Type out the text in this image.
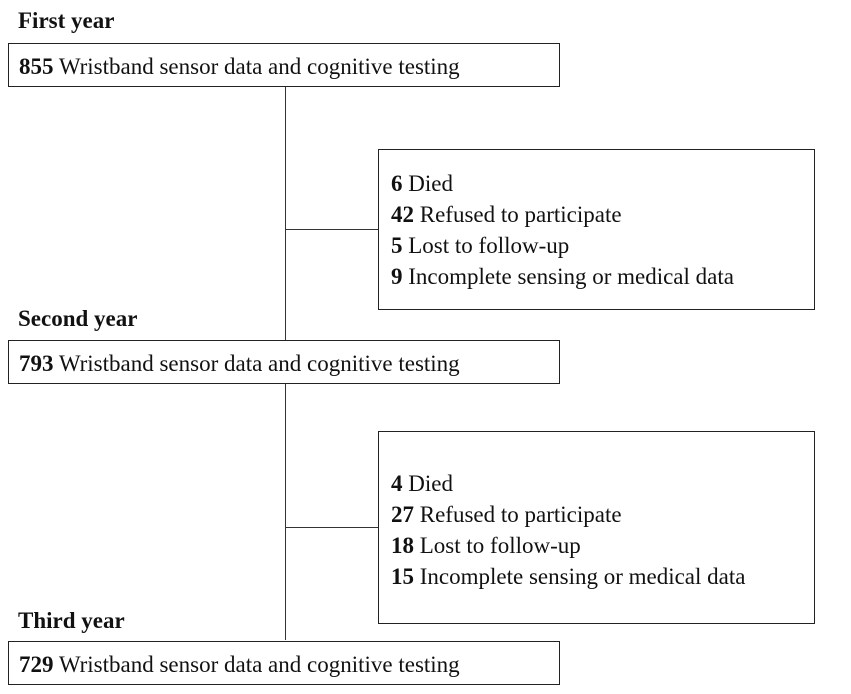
First year
855 Wristband sensor data and cognitive testing
6 Died
42 Refused to participate
5 Lost to follow-up
9 Incomplete sensing or medical data
Second year
793 Wristband sensor data and cognitive testing
4 Died
27 Refused to participate
18 Lost to follow-up
15 Incomplete sensing or medical data
Third year
729 Wristband sensor data and cognitive testing
